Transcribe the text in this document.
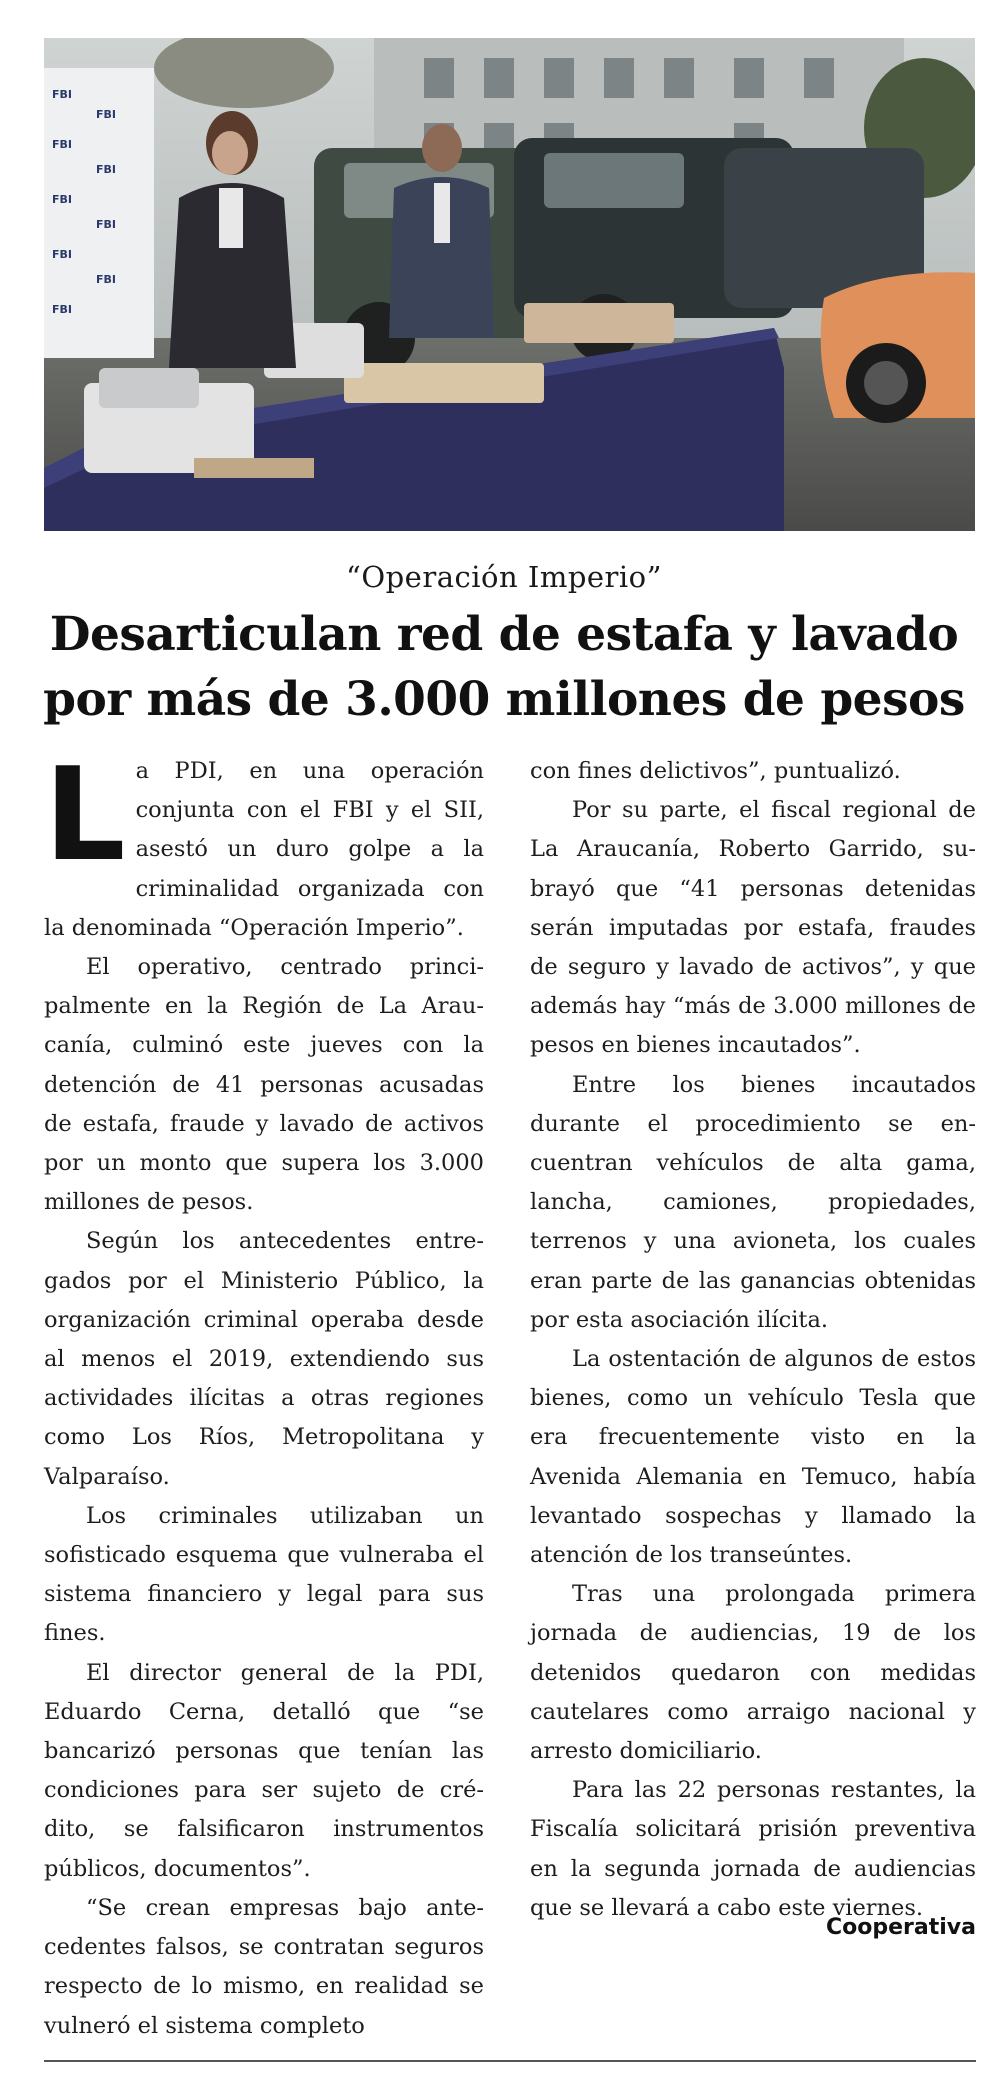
FBI
FBI
FBI
FBI
FBI
FBI
FBI
FBI
FBI
“Operación Imperio”
Desarticulan red de estafa y lavado
por más de 3.000 millones de pesos

La PDI, en una operación conjunta con el FBI y el SII, asestó un duro golpe a la criminalidad organizada con la denominada “Operación Imperio”.

El operativo, centrado principalmente en la Región de La Araucanía, culminó este jueves con la detención de 41 personas acusadas de estafa, fraude y lavado de activos por un monto que supera los 3.000 millones de pesos.

Según los antecedentes entregados por el Ministerio Público, la organización criminal operaba desde al menos el 2019, extendiendo sus actividades ilícitas a otras regiones como Los Ríos, Metropolitana y Valparaíso.

Los criminales utilizaban un sofisticado esquema que vulneraba el sistema financiero y legal para sus fines.

El director general de la PDI, Eduardo Cerna, detalló que “se bancarizó personas que tenían las condiciones para ser sujeto de crédito, se falsificaron instrumentos públicos, documentos”.

“Se crean empresas bajo antecedentes falsos, se contratan seguros respecto de lo mismo, en realidad se vulneró el sistema completo

con fines delictivos”, puntualizó.

Por su parte, el fiscal regional de La Araucanía, Roberto Garrido, subrayó que “41 personas detenidas serán imputadas por estafa, fraudes de seguro y lavado de activos”, y que además hay “más de 3.000 millones de pesos en bienes incautados”.

Entre los bienes incautados durante el procedimiento se encuentran vehículos de alta gama, lancha, camiones, propiedades, terrenos y una avioneta, los cuales eran parte de las ganancias obtenidas por esta asociación ilícita.

La ostentación de algunos de estos bienes, como un vehículo Tesla que era frecuentemente visto en la Avenida Alemania en Temuco, había levantado sospechas y llamado la atención de los transeúntes.

Tras una prolongada primera jornada de audiencias, 19 de los detenidos quedaron con medidas cautelares como arraigo nacional y arresto domiciliario.

Para las 22 personas restantes, la Fiscalía solicitará prisión preventiva en la segunda jornada de audiencias que se llevará a cabo este viernes.

Cooperativa
